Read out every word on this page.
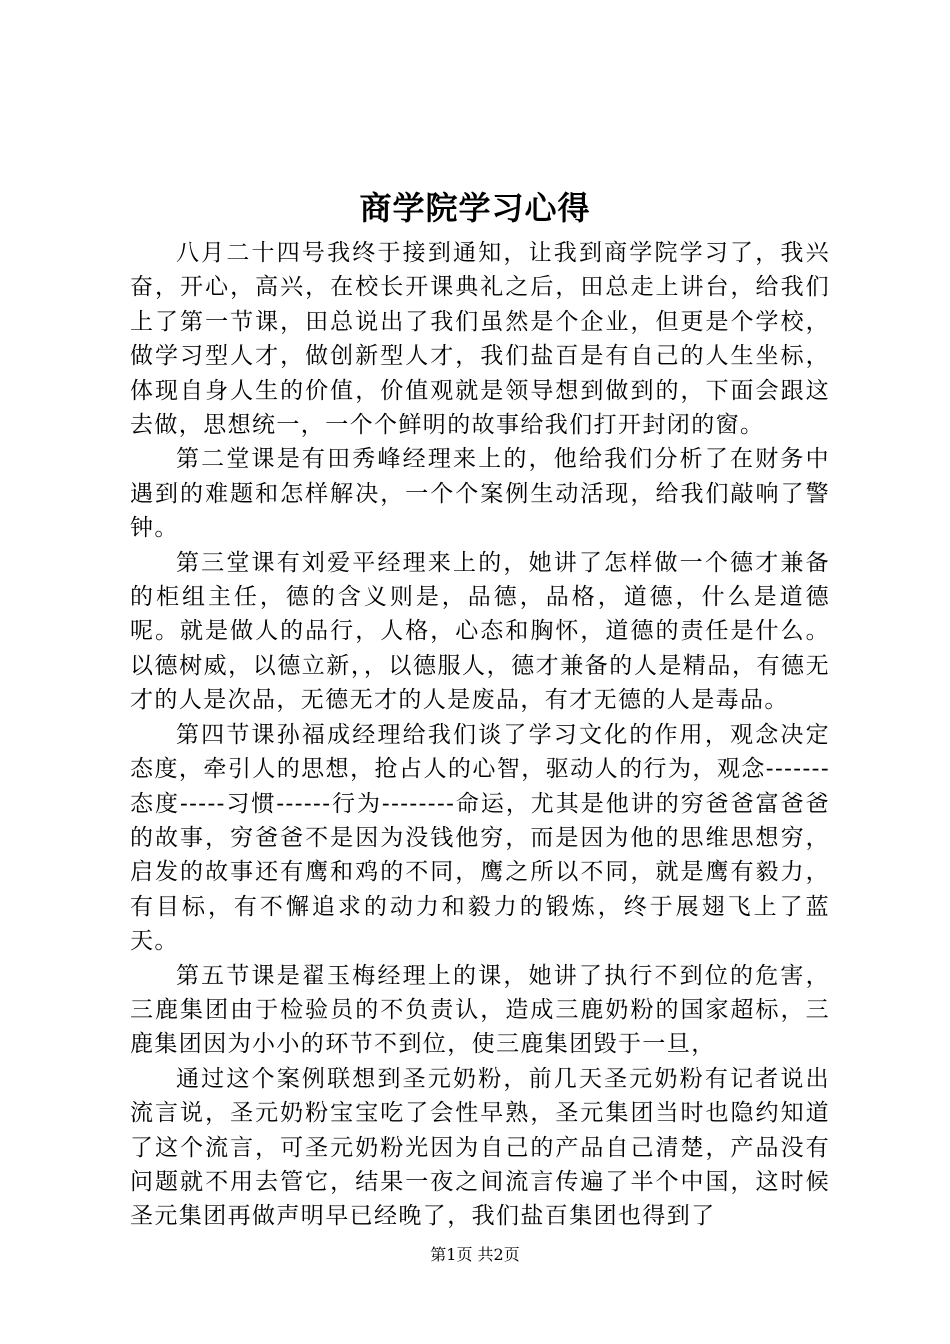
商学院学习心得

八月二十四号我终于接到通知，让我到商学院学习了，我兴奋，开心，高兴，在校长开课典礼之后，田总走上讲台，给我们上了第一节课，田总说出了我们虽然是个企业，但更是个学校，做学习型人才，做创新型人才，我们盐百是有自己的人生坐标，体现自身人生的价值，价值观就是领导想到做到的，下面会跟这去做，思想统一，一个个鲜明的故事给我们打开封闭的窗。

第二堂课是有田秀峰经理来上的，他给我们分析了在财务中遇到的难题和怎样解决，一个个案例生动活现，给我们敲响了警钟。

第三堂课有刘爱平经理来上的，她讲了怎样做一个德才兼备的柜组主任，德的含义则是，品德，品格，道德，什么是道德呢。就是做人的品行，人格，心态和胸怀，道德的责任是什么。以德树威，以德立新，，以德服人，德才兼备的人是精品，有德无才的人是次品，无德无才的人是废品，有才无德的人是毒品。

第四节课孙福成经理给我们谈了学习文化的作用，观念决定态度，牵引人的思想，抢占人的心智，驱动人的行为，观念-------态度-----习惯------行为--------命运，尤其是他讲的穷爸爸富爸爸的故事，穷爸爸不是因为没钱他穷，而是因为他的思维思想穷，启发的故事还有鹰和鸡的不同，鹰之所以不同，就是鹰有毅力，有目标，有不懈追求的动力和毅力的锻炼，终于展翅飞上了蓝天。

第五节课是翟玉梅经理上的课，她讲了执行不到位的危害，三鹿集团由于检验员的不负责认，造成三鹿奶粉的国家超标，三鹿集团因为小小的环节不到位，使三鹿集团毁于一旦，

通过这个案例联想到圣元奶粉，前几天圣元奶粉有记者说出流言说，圣元奶粉宝宝吃了会性早熟，圣元集团当时也隐约知道了这个流言，可圣元奶粉光因为自己的产品自己清楚，产品没有问题就不用去管它，结果一夜之间流言传遍了半个中国，这时候圣元集团再做声明早已经晚了，我们盐百集团也得到了

第1页 共2页
